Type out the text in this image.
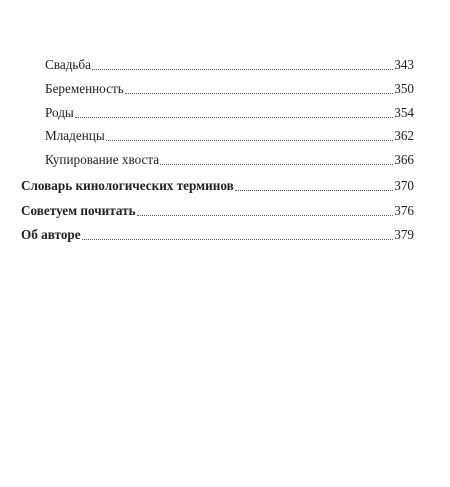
Свадьба	343
Беременность	350
Роды	354
Младенцы	362
Купирование хвоста	366
Словарь кинологических терминов	370
Советуем почитать	376
Об авторе	379
